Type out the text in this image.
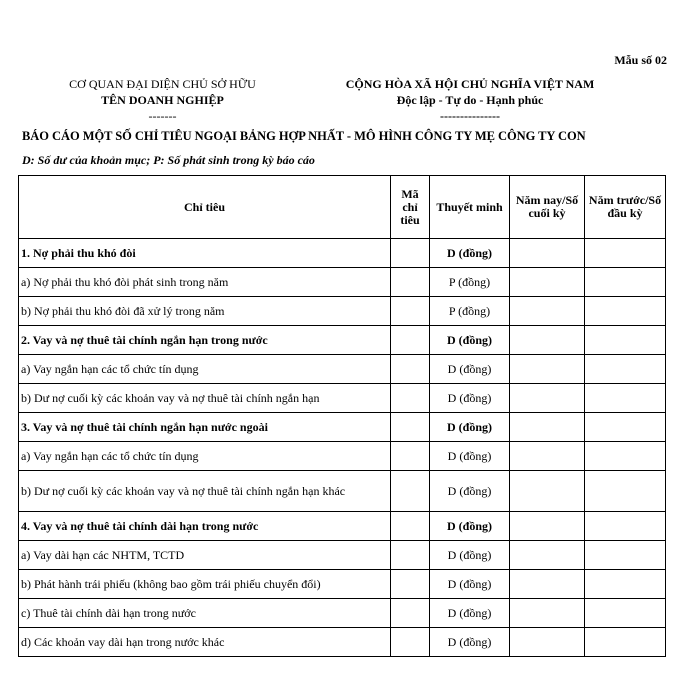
Mẫu số 02
CƠ QUAN ĐẠI DIỆN CHỦ SỞ HỮU
TÊN DOANH NGHIỆP
-------
CỘNG HÒA XÃ HỘI CHỦ NGHĨA VIỆT NAM
Độc lập - Tự do - Hạnh phúc
---------------
BÁO CÁO MỘT SỐ CHỈ TIÊU NGOẠI BẢNG HỢP NHẤT - MÔ HÌNH CÔNG TY MẸ CÔNG TY CON
D: Số dư của khoản mục; P: Số phát sinh trong kỳ báo cáo
Chỉ tiêu	Mã chỉ tiêu	Thuyết minh	Năm nay/Số cuối kỳ	Năm trước/Số đầu kỳ
1. Nợ phải thu khó đòi		D (đồng)		
a) Nợ phải thu khó đòi phát sinh trong năm		P (đồng)		
b) Nợ phải thu khó đòi đã xử lý trong năm		P (đồng)		
2. Vay và nợ thuê tài chính ngắn hạn trong nước		D (đồng)		
a) Vay ngắn hạn các tổ chức tín dụng		D (đồng)		
b) Dư nợ cuối kỳ các khoản vay và nợ thuê tài chính ngắn hạn		D (đồng)		
3. Vay và nợ thuê tài chính ngắn hạn nước ngoài		D (đồng)		
a) Vay ngắn hạn các tổ chức tín dụng		D (đồng)		
b) Dư nợ cuối kỳ các khoản vay và nợ thuê tài chính ngắn hạn khác		D (đồng)		
4. Vay và nợ thuê tài chính dài hạn trong nước		D (đồng)		
a) Vay dài hạn các NHTM, TCTD		D (đồng)		
b) Phát hành trái phiếu (không bao gồm trái phiếu chuyển đổi)		D (đồng)		
c) Thuê tài chính dài hạn trong nước		D (đồng)		
d) Các khoản vay dài hạn trong nước khác		D (đồng)		
